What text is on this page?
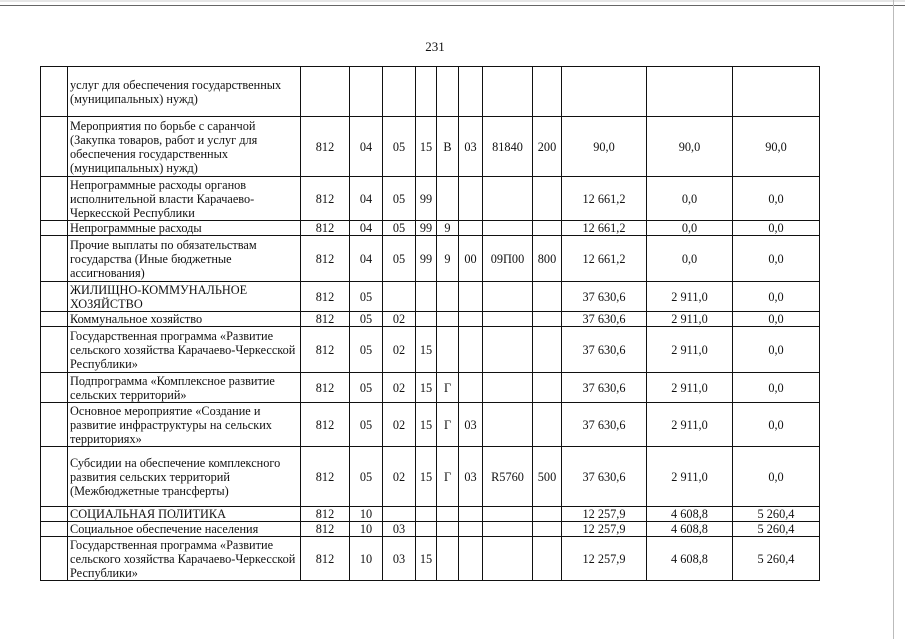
231
	услуг для обеспечения государственных (муниципальных) нужд)											
	Мероприятия по борьбе с саранчой (Закупка товаров, работ и услуг для обеспечения государственных (муниципальных) нужд)	812	04	05	15	В	03	81840	200	90,0	90,0	90,0
	Непрограммные расходы органов исполнительной власти Карачаево-Черкесской Республики	812	04	05	99					12 661,2	0,0	0,0
	Непрограммные расходы	812	04	05	99	9				12 661,2	0,0	0,0
	Прочие выплаты по обязательствам государства (Иные бюджетные ассигнования)	812	04	05	99	9	00	09П00	800	12 661,2	0,0	0,0
	ЖИЛИЩНО-КОММУНАЛЬНОЕ ХОЗЯЙСТВО	812	05							37 630,6	2 911,0	0,0
	Коммунальное хозяйство	812	05	02						37 630,6	2 911,0	0,0
	Государственная программа «Развитие сельского хозяйства Карачаево-Черкесской Республики»	812	05	02	15					37 630,6	2 911,0	0,0
	Подпрограмма «Комплексное развитие сельских территорий»	812	05	02	15	Г				37 630,6	2 911,0	0,0
	Основное мероприятие «Создание и развитие инфраструктуры на сельских территориях»	812	05	02	15	Г	03			37 630,6	2 911,0	0,0
	Субсидии на обеспечение комплексного развития сельских территорий (Межбюджетные трансферты)	812	05	02	15	Г	03	R5760	500	37 630,6	2 911,0	0,0
	СОЦИАЛЬНАЯ ПОЛИТИКА	812	10							12 257,9	4 608,8	5 260,4
	Социальное обеспечение населения	812	10	03						12 257,9	4 608,8	5 260,4
	Государственная программа «Развитие сельского хозяйства Карачаево-Черкесской Республики»	812	10	03	15					12 257,9	4 608,8	5 260,4
